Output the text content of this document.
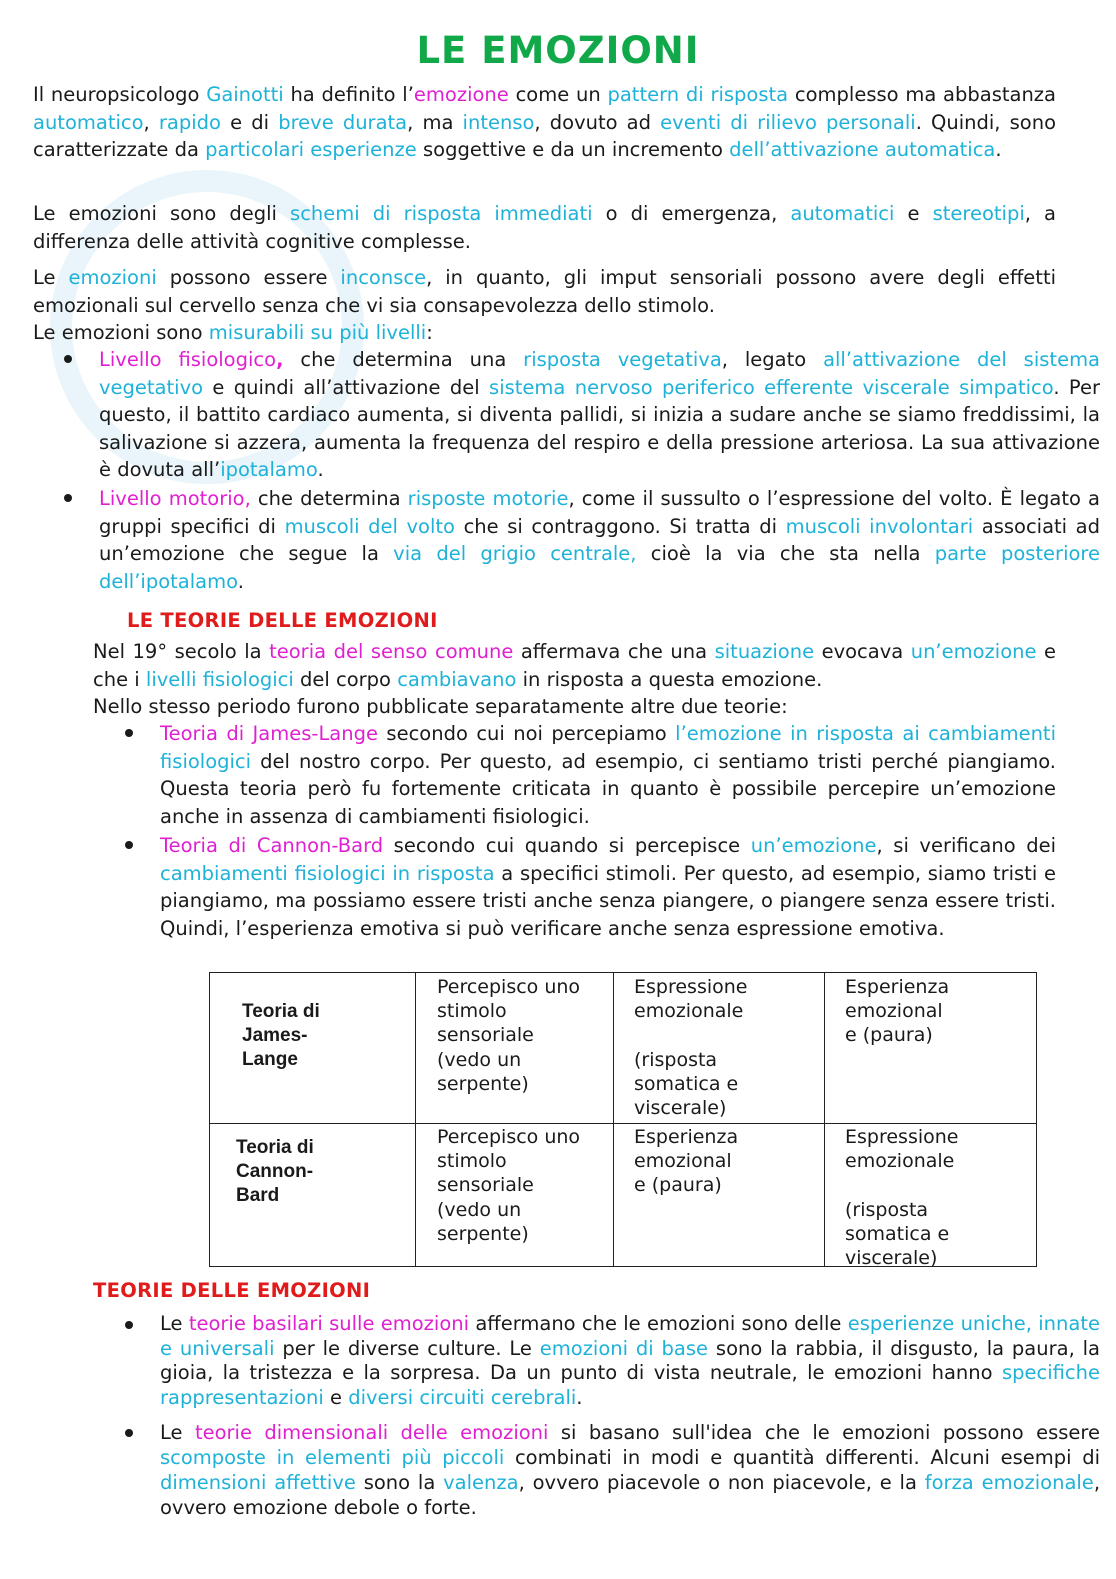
LE EMOZIONI

Il neuropsicologo Gainotti ha definito l’emozione come un pattern di risposta complesso ma abbastanza automatico, rapido e di breve durata, ma intenso, dovuto ad eventi di rilievo personali. Quindi, sono caratterizzate da particolari esperienze soggettive e da un incremento dell’attivazione automatica.

Le emozioni sono degli schemi di risposta immediati o di emergenza, automatici e stereotipi, a differenza delle attività cognitive complesse.

Le emozioni possono essere inconsce, in quanto, gli imput sensoriali possono avere degli effetti emozionali sul cervello senza che vi sia consapevolezza dello stimolo.

Le emozioni sono misurabili su più livelli:

Livello fisiologico, che determina una risposta vegetativa, legato all’attivazione del sistema vegetativo e quindi all’attivazione del sistema nervoso periferico efferente viscerale simpatico. Per questo, il battito cardiaco aumenta, si diventa pallidi, si inizia a sudare anche se siamo freddissimi, la salivazione si azzera, aumenta la frequenza del respiro e della pressione arteriosa. La sua attivazione è dovuta all’ipotalamo.

Livello motorio, che determina risposte motorie, come il sussulto o l’espressione del volto. È legato a gruppi specifici di muscoli del volto che si contraggono. Si tratta di muscoli involontari associati ad un’emozione che segue la via del grigio centrale, cioè la via che sta nella parte posteriore dell’ipotalamo.

LE TEORIE DELLE EMOZIONI

Nel 19° secolo la teoria del senso comune affermava che una situazione evocava un’emozione e che i livelli fisiologici del corpo cambiavano in risposta a questa emozione.

Nello stesso periodo furono pubblicate separatamente altre due teorie:

Teoria di James-Lange secondo cui noi percepiamo l’emozione in risposta ai cambiamenti fisiologici del nostro corpo. Per questo, ad esempio, ci sentiamo tristi perché piangiamo. Questa teoria però fu fortemente criticata in quanto è possibile percepire un’emozione anche in assenza di cambiamenti fisiologici.

Teoria di Cannon-Bard secondo cui quando si percepisce un’emozione, si verificano dei cambiamenti fisiologici in risposta a specifici stimoli. Per questo, ad esempio, siamo tristi e piangiamo, ma possiamo essere tristi anche senza piangere, o piangere senza essere tristi. Quindi, l’esperienza emotiva si può verificare anche senza espressione emotiva.

Teoria di
James-
Lange	Percepisco uno
stimolo
sensoriale
(vedo un
serpente)	Espressione
emozionale

(risposta
somatica e
viscerale)	Esperienza
emozional
e (paura)

Teoria di
Cannon-
Bard	Percepisco uno
stimolo
sensoriale
(vedo un
serpente)	Esperienza
emozional
e (paura)	Espressione
emozionale

(risposta
somatica e
viscerale)

TEORIE DELLE EMOZIONI

Le teorie basilari sulle emozioni affermano che le emozioni sono delle esperienze uniche, innate e universali per le diverse culture. Le emozioni di base sono la rabbia, il disgusto, la paura, la gioia, la tristezza e la sorpresa. Da un punto di vista neutrale, le emozioni hanno specifiche rappresentazioni e diversi circuiti cerebrali.

Le teorie dimensionali delle emozioni si basano sull'idea che le emozioni possono essere scomposte in elementi più piccoli combinati in modi e quantità differenti. Alcuni esempi di dimensioni affettive sono la valenza, ovvero piacevole o non piacevole, e la forza emozionale, ovvero emozione debole o forte.
